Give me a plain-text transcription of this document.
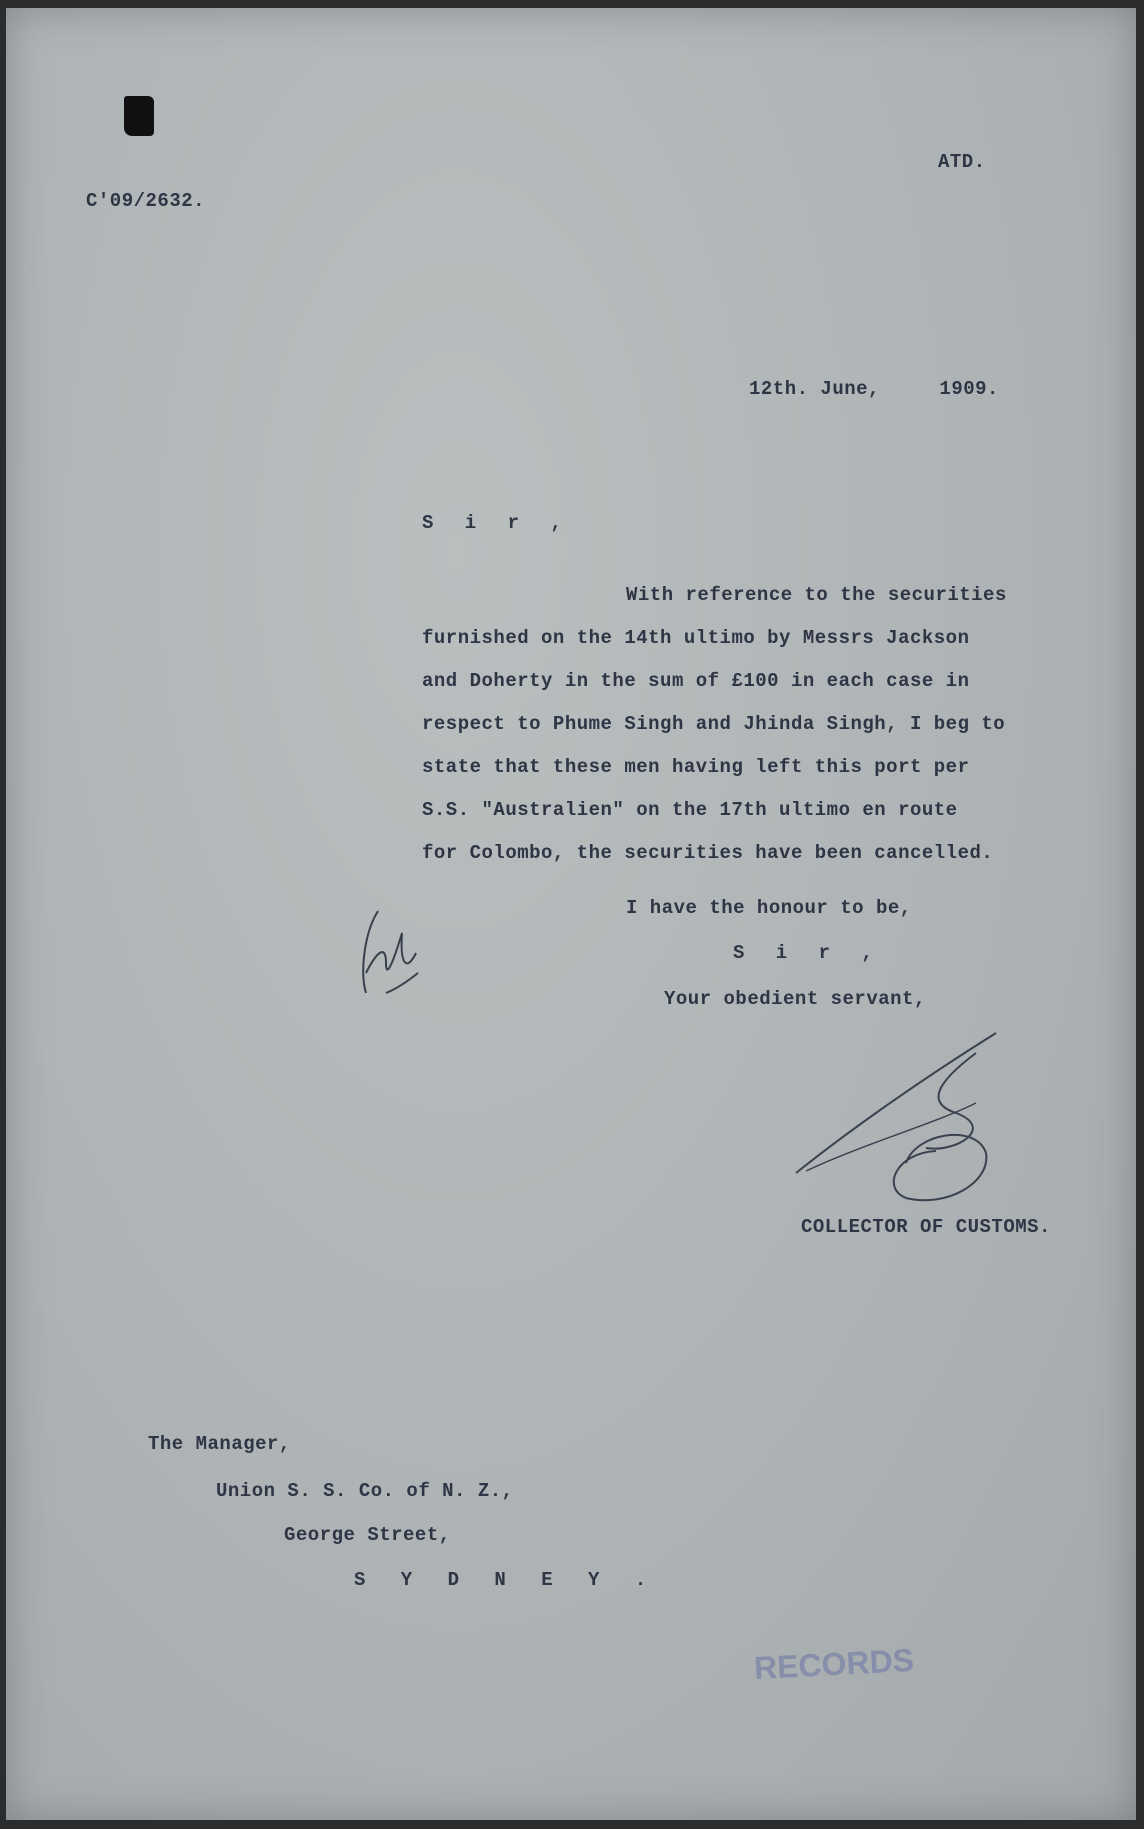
C'09/2632.
ATD.
12th. June,     1909.
S i r ,
With reference to the securities
furnished on the 14th ultimo by Messrs Jackson
and Doherty in the sum of £100 in each case in
respect to Phume Singh and Jhinda Singh, I beg to
state that these men having left this port per
S.S. "Australien" on the 17th ultimo en route
for Colombo, the securities have been cancelled.
I have the honour to be,
S i r ,
Your obedient servant,
COLLECTOR OF CUSTOMS.
The Manager,
Union S. S. Co. of N. Z.,
George Street,
S Y D N E Y .
RECORDS
